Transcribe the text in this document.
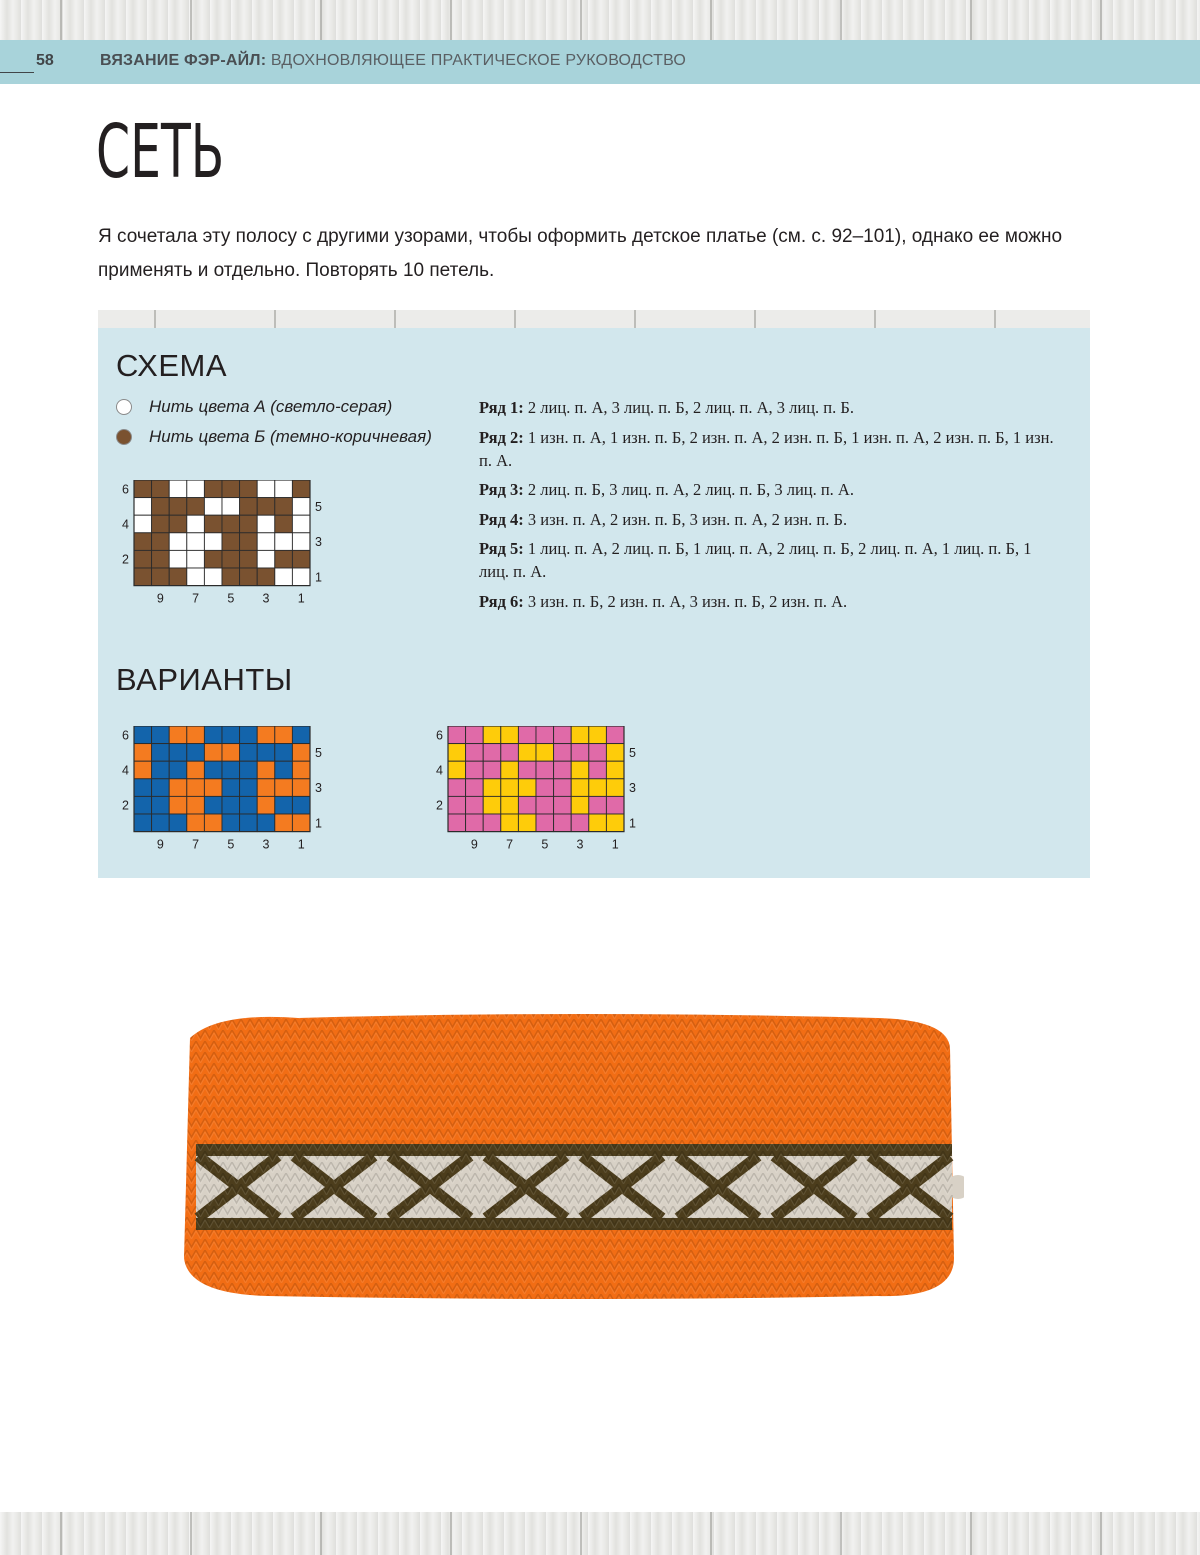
58	ВЯЗАНИЕ ФЭР-АЙЛ: ВДОХНОВЛЯЮЩЕЕ ПРАКТИЧЕСКОЕ РУКОВОДСТВО
СЕТЬ

Я сочетала эту полосу с другими узорами, чтобы оформить детское платье (см. с. 92–101), однако ее можно применять и отдельно. Повторять 10 петель.

СХЕМА
Нить цвета А (светло-серая)
Нить цвета Б (темно-коричневая)
6
4
2
5
3
1
9 7 5 3 1
Ряд 1: 2 лиц. п. А, 3 лиц. п. Б, 2 лиц. п. А, 3 лиц. п. Б.
Ряд 2: 1 изн. п. А, 1 изн. п. Б, 2 изн. п. А, 2 изн. п. Б, 1 изн. п. А, 2 изн. п. Б, 1 изн. п. А.
Ряд 3: 2 лиц. п. Б, 3 лиц. п. А, 2 лиц. п. Б, 3 лиц. п. А.
Ряд 4: 3 изн. п. А, 2 изн. п. Б, 3 изн. п. А, 2 изн. п. Б.
Ряд 5: 1 лиц. п. А, 2 лиц. п. Б, 1 лиц. п. А, 2 лиц. п. Б, 2 лиц. п. А, 1 лиц. п. Б, 1 лиц. п. А.
Ряд 6: 3 изн. п. Б, 2 изн. п. А, 3 изн. п. Б, 2 изн. п. А.
ВАРИАНТЫ
6
4
2
5
3
1
9 7 5 3 1
6
4
2
5
3
1
9 7 5 3 1
